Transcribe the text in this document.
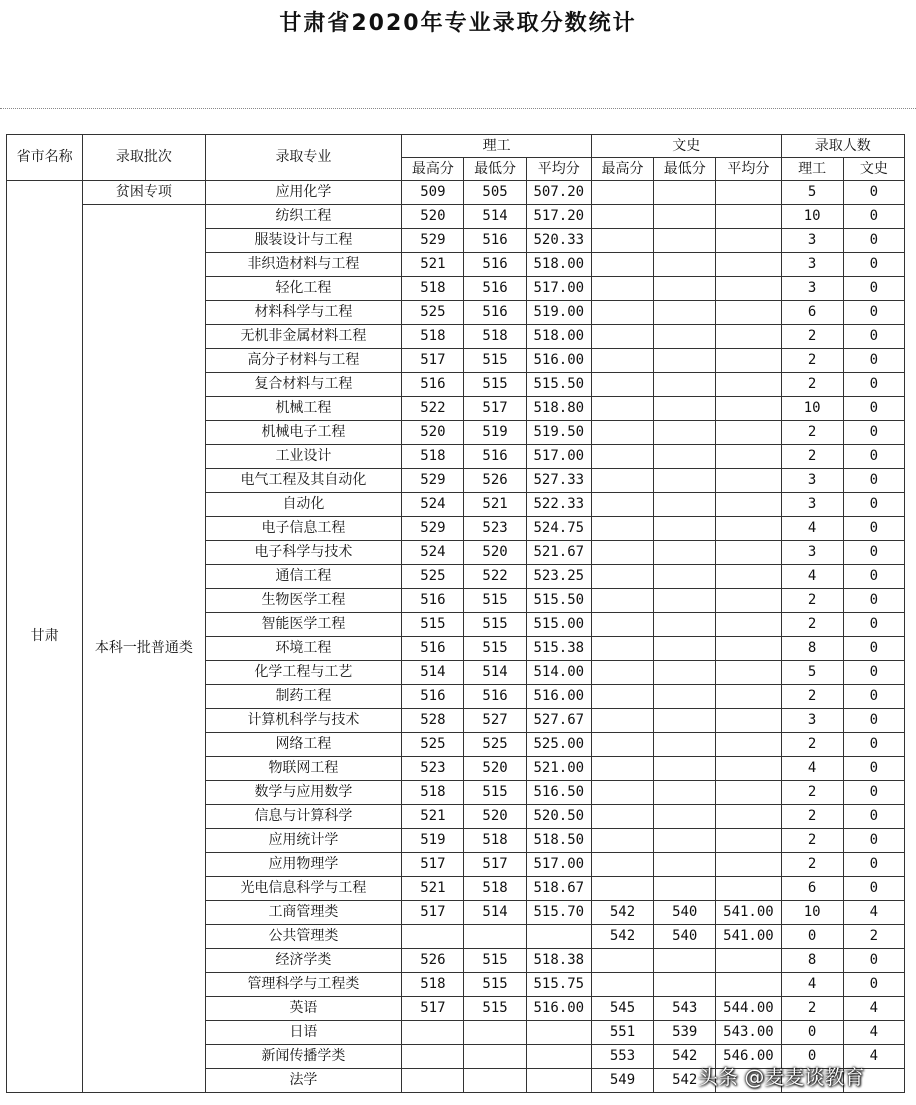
甘肃省2020年专业录取分数统计
省市名称	录取批次	录取专业	理工			文史			录取人数	
			最高分	最低分	平均分	最高分	最低分	平均分	理工	文史
甘肃	贫困专项	应用化学	509	505	507.20				5	0
	本科一批普通类	纺织工程	520	514	517.20				10	0
		服装设计与工程	529	516	520.33				3	0
		非织造材料与工程	521	516	518.00				3	0
		轻化工程	518	516	517.00				3	0
		材料科学与工程	525	516	519.00				6	0
		无机非金属材料工程	518	518	518.00				2	0
		高分子材料与工程	517	515	516.00				2	0
		复合材料与工程	516	515	515.50				2	0
		机械工程	522	517	518.80				10	0
		机械电子工程	520	519	519.50				2	0
		工业设计	518	516	517.00				2	0
		电气工程及其自动化	529	526	527.33				3	0
		自动化	524	521	522.33				3	0
		电子信息工程	529	523	524.75				4	0
		电子科学与技术	524	520	521.67				3	0
		通信工程	525	522	523.25				4	0
		生物医学工程	516	515	515.50				2	0
		智能医学工程	515	515	515.00				2	0
		环境工程	516	515	515.38				8	0
		化学工程与工艺	514	514	514.00				5	0
		制药工程	516	516	516.00				2	0
		计算机科学与技术	528	527	527.67				3	0
		网络工程	525	525	525.00				2	0
		物联网工程	523	520	521.00				4	0
		数学与应用数学	518	515	516.50				2	0
		信息与计算科学	521	520	520.50				2	0
		应用统计学	519	518	518.50				2	0
		应用物理学	517	517	517.00				2	0
		光电信息科学与工程	521	518	518.67				6	0
		工商管理类	517	514	515.70	542	540	541.00	10	4
		公共管理类				542	540	541.00	0	2
		经济学类	526	515	518.38				8	0
		管理科学与工程类	518	515	515.75				4	0
		英语	517	515	516.00	545	543	544.00	2	4
		日语				551	539	543.00	0	4
		新闻传播学类				553	542	546.00	0	4
		法学				549	542			头条 @麦麦谈教育
